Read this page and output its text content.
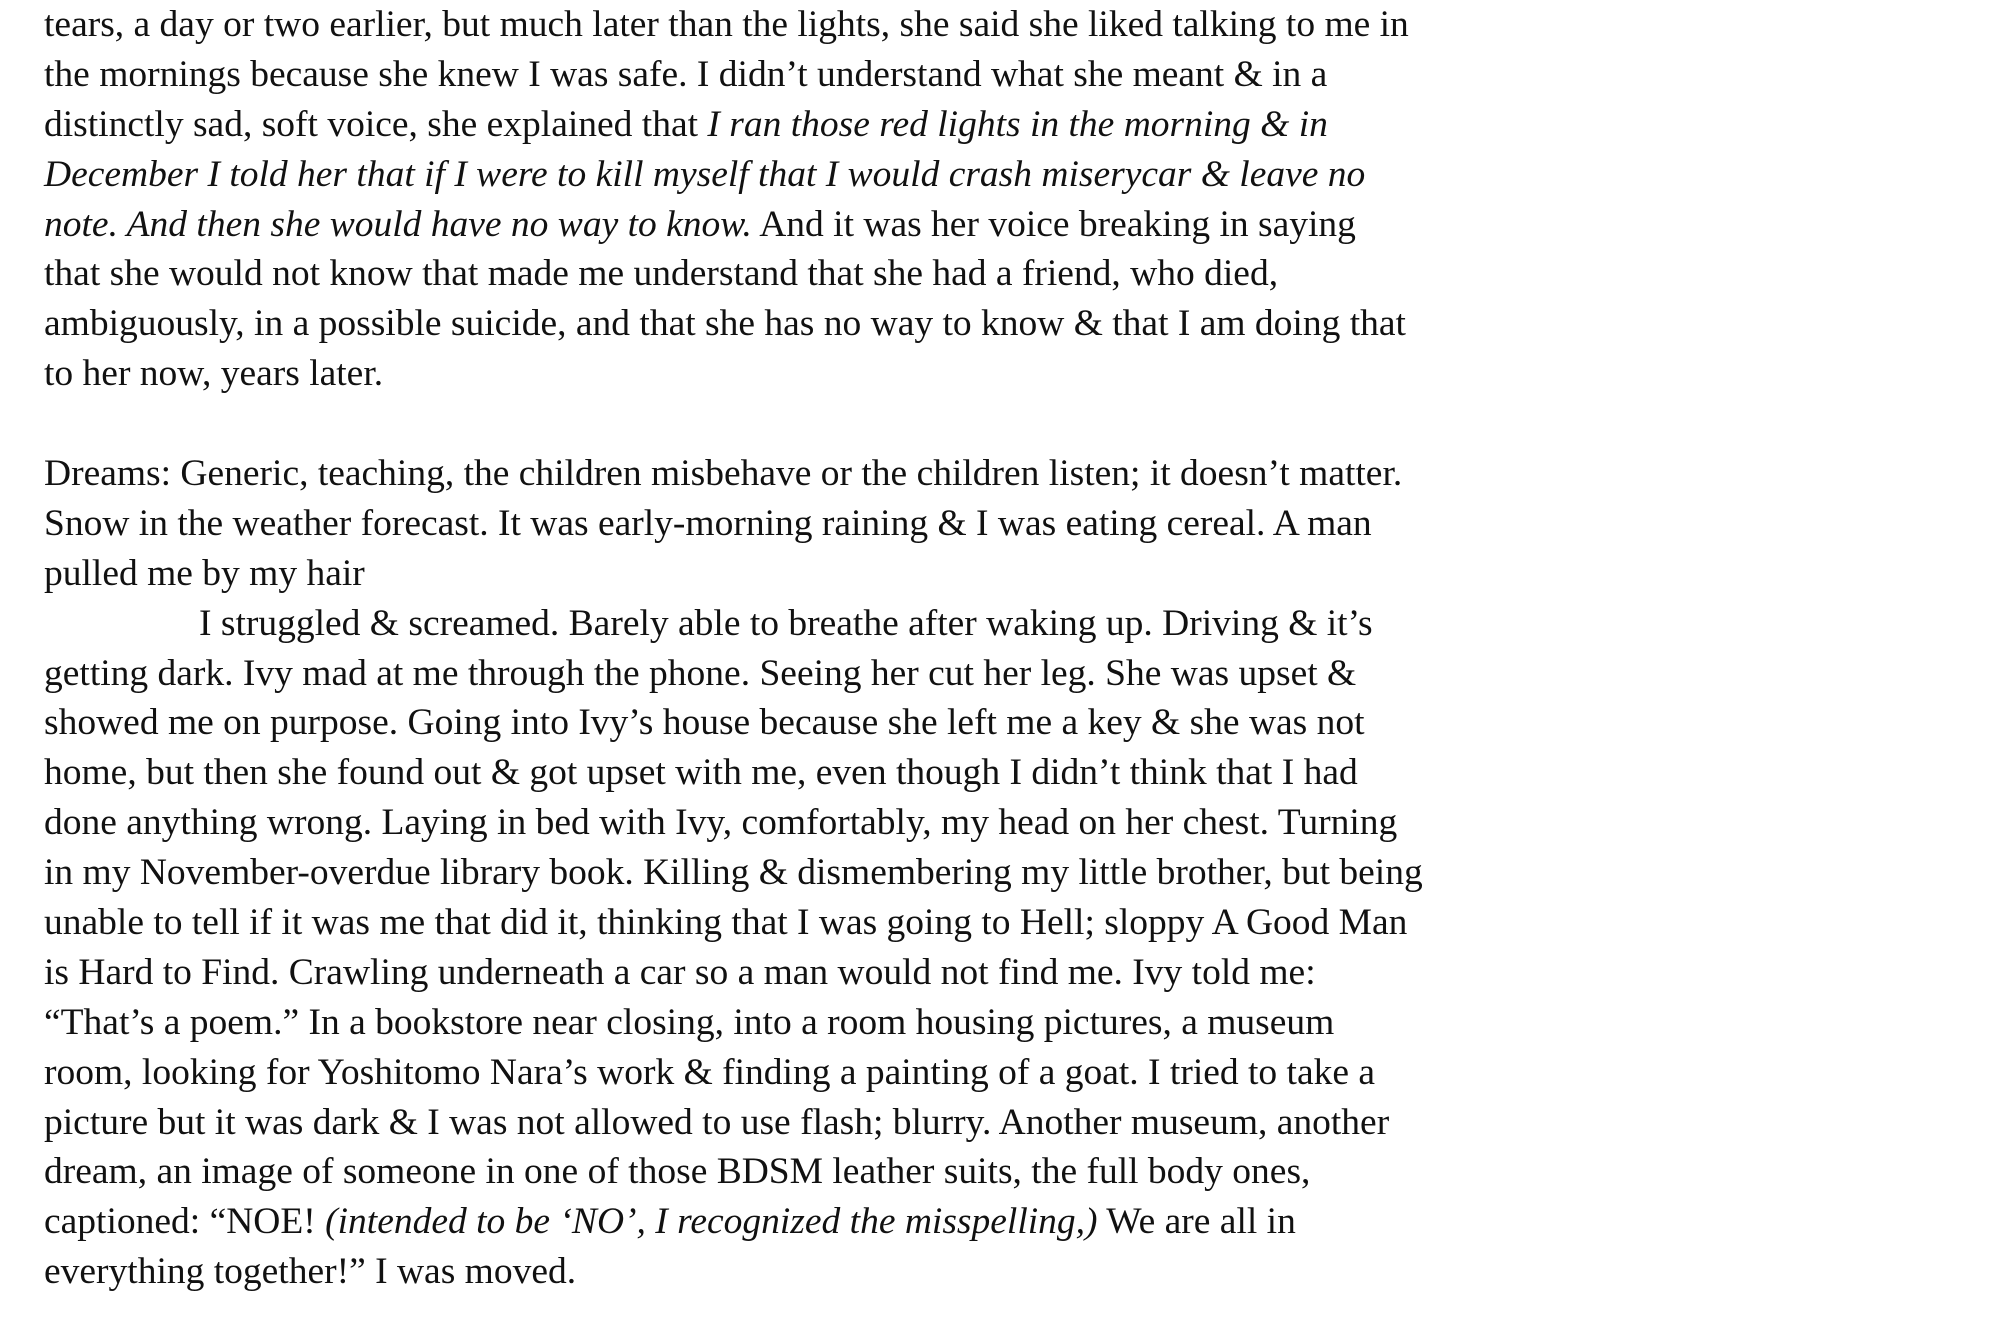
tears, a day or two earlier, but much later than the lights, she said she liked talking to me in
the mornings because she knew I was safe. I didn’t understand what she meant & in a
distinctly sad, soft voice, she explained that I ran those red lights in the morning & in
December I told her that if I were to kill myself that I would crash miserycar & leave no
note. And then she would have no way to know. And it was her voice breaking in saying
that she would not know that made me understand that she had a friend, who died,
ambiguously, in a possible suicide, and that she has no way to know & that I am doing that
to her now, years later.
Dreams: Generic, teaching, the children misbehave or the children listen; it doesn’t matter.
Snow in the weather forecast. It was early-morning raining & I was eating cereal. A man
pulled me by my hair
I struggled & screamed. Barely able to breathe after waking up. Driving & it’s
getting dark. Ivy mad at me through the phone. Seeing her cut her leg. She was upset &
showed me on purpose. Going into Ivy’s house because she left me a key & she was not
home, but then she found out & got upset with me, even though I didn’t think that I had
done anything wrong. Laying in bed with Ivy, comfortably, my head on her chest. Turning
in my November-overdue library book. Killing & dismembering my little brother, but being
unable to tell if it was me that did it, thinking that I was going to Hell; sloppy A Good Man
is Hard to Find. Crawling underneath a car so a man would not find me. Ivy told me:
“That’s a poem.” In a bookstore near closing, into a room housing pictures, a museum
room, looking for Yoshitomo Nara’s work & finding a painting of a goat. I tried to take a
picture but it was dark & I was not allowed to use flash; blurry. Another museum, another
dream, an image of someone in one of those BDSM leather suits, the full body ones,
captioned: “NOE! (intended to be ‘NO’, I recognized the misspelling,) We are all in
everything together!” I was moved.
